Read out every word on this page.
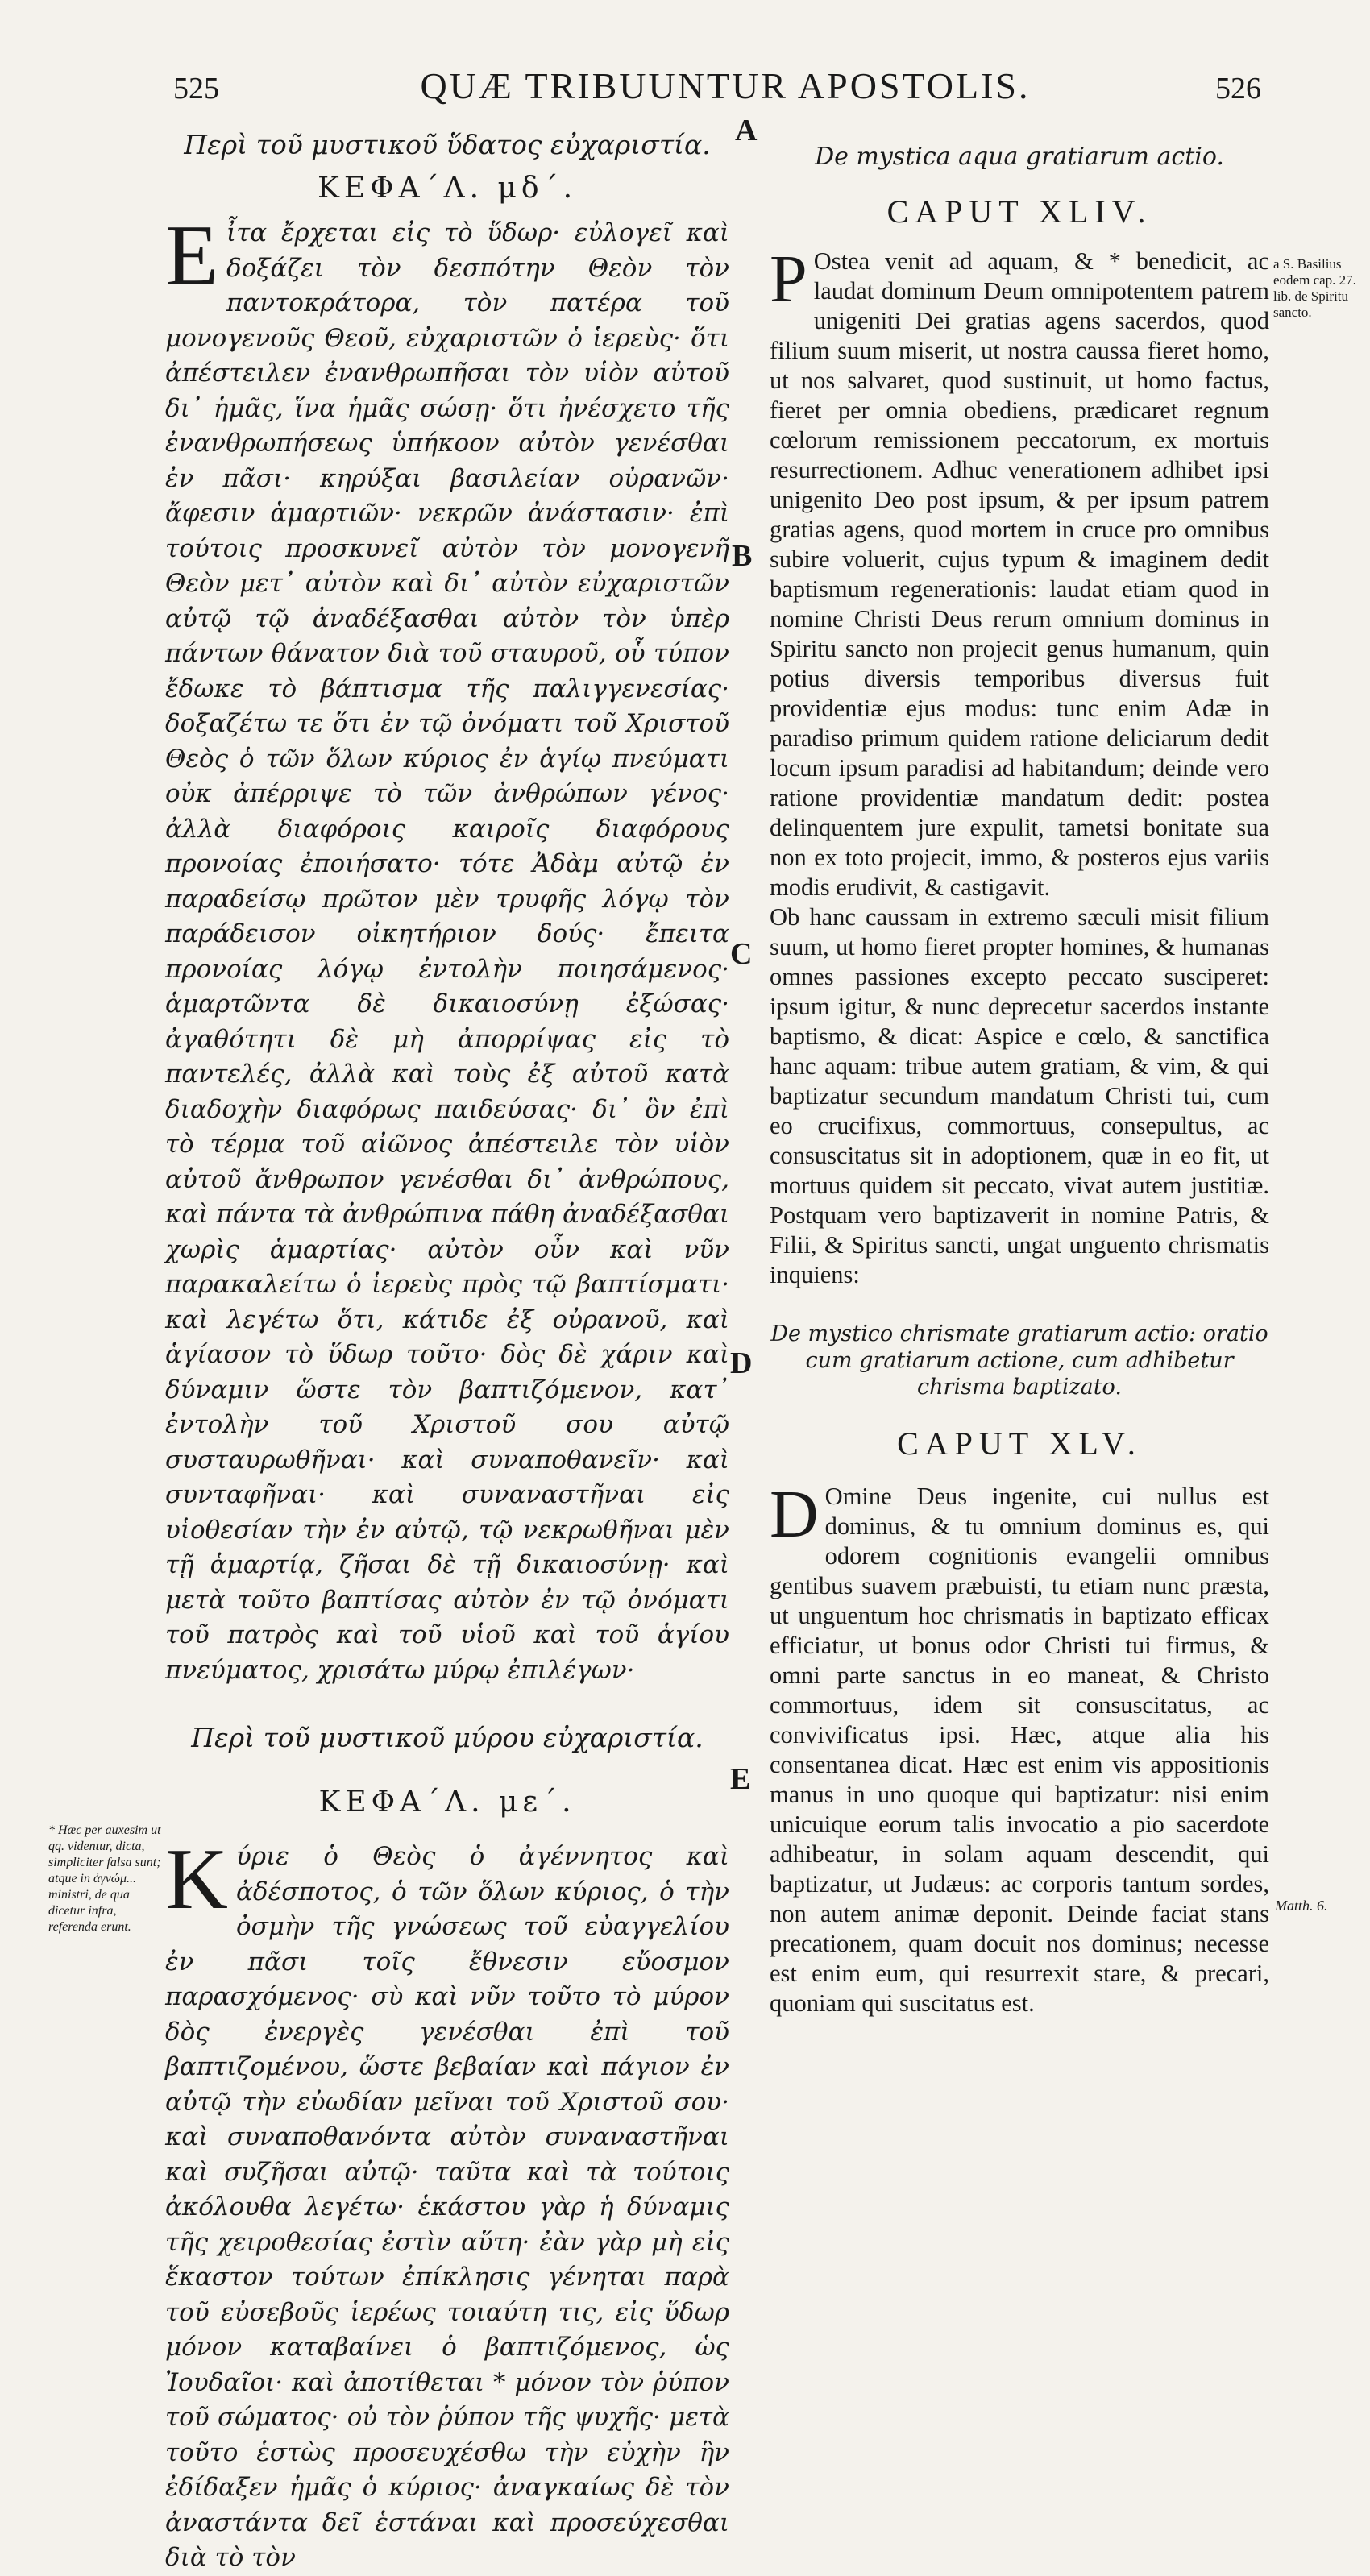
525	QUÆ TRIBUUNTUR APOSTOLIS.	526
A
B
C
D
E
Περὶ τοῦ μυστικοῦ ὕδατος εὐχαριστία.
ΚΕΦΑ΄Λ. μδ΄.
Eἶτα ἔρχεται εἰς τὸ ὕδωρ· εὐλογεῖ καὶ δοξάζει τὸν δεσπότην Θεὸν τὸν παντοκράτορα, τὸν πατέρα τοῦ μονογενοῦς Θεοῦ, εὐχαριστῶν ὁ ἱερεὺς· ὅτι ἀπέστειλεν ἐνανθρωπῆσαι τὸν υἱὸν αὐτοῦ δι᾽ ἡμᾶς, ἵνα ἡμᾶς σώσῃ· ὅτι ἠνέσχετο τῆς ἐνανθρωπήσεως ὑπήκοον αὐτὸν γενέσθαι ἐν πᾶσι· κηρύξαι βασιλείαν οὐρανῶν· ἄφεσιν ἁμαρτιῶν· νεκρῶν ἀνάστασιν· ἐπὶ τούτοις προσκυνεῖ αὐτὸν τὸν μονογενῆ Θεὸν μετ᾽ αὐτὸν καὶ δι᾽ αὐτὸν εὐχαριστῶν αὐτῷ τῷ ἀναδέξασθαι αὐτὸν τὸν ὑπὲρ πάντων θάνατον διὰ τοῦ σταυροῦ, οὗ τύπον ἔδωκε τὸ βάπτισμα τῆς παλιγγενεσίας· δοξαζέτω τε ὅτι ἐν τῷ ὀνόματι τοῦ Χριστοῦ Θεὸς ὁ τῶν ὅλων κύριος ἐν ἁγίῳ πνεύματι οὐκ ἀπέρριψε τὸ τῶν ἀνθρώπων γένος· ἀλλὰ διαφόροις καιροῖς διαφόρους προνοίας ἐποιήσατο· τότε Ἀδὰμ αὐτῷ ἐν παραδείσῳ πρῶτον μὲν τρυφῆς λόγῳ τὸν παράδεισον οἰκητήριον δούς· ἔπειτα προνοίας λόγῳ ἐντολὴν ποιησάμενος· ἁμαρτῶντα δὲ δικαιοσύνῃ ἐξώσας· ἀγαθότητι δὲ μὴ ἀπορρίψας εἰς τὸ παντελές, ἀλλὰ καὶ τοὺς ἐξ αὐτοῦ κατὰ διαδοχὴν διαφόρως παιδεύσας· δι᾽ ὃν ἐπὶ τὸ τέρμα τοῦ αἰῶνος ἀπέστειλε τὸν υἱὸν αὐτοῦ ἄνθρωπον γενέσθαι δι᾽ ἀνθρώπους, καὶ πάντα τὰ ἀνθρώπινα πάθη ἀναδέξασθαι χωρὶς ἁμαρτίας· αὐτὸν οὖν καὶ νῦν παρακαλείτω ὁ ἱερεὺς πρὸς τῷ βαπτίσματι· καὶ λεγέτω ὅτι, κάτιδε ἐξ οὐρανοῦ, καὶ ἁγίασον τὸ ὕδωρ τοῦτο· δὸς δὲ χάριν καὶ δύναμιν ὥστε τὸν βαπτιζόμενον, κατ᾽ ἐντολὴν τοῦ Χριστοῦ σου αὐτῷ συσταυρωθῆναι· καὶ συναποθανεῖν· καὶ συνταφῆναι· καὶ συναναστῆναι εἰς υἱοθεσίαν τὴν ἐν αὐτῷ, τῷ νεκρωθῆναι μὲν τῇ ἁμαρτίᾳ, ζῆσαι δὲ τῇ δικαιοσύνῃ· καὶ μετὰ τοῦτο βαπτίσας αὐτὸν ἐν τῷ ὀνόματι τοῦ πατρὸς καὶ τοῦ υἱοῦ καὶ τοῦ ἁγίου πνεύματος, χρισάτω μύρῳ ἐπιλέγων·
Περὶ τοῦ μυστικοῦ μύρου εὐχαριστία.
ΚΕΦΑ΄Λ. με΄.
Kύριε ὁ Θεὸς ὁ ἀγέννητος καὶ ἀδέσποτος, ὁ τῶν ὅλων κύριος, ὁ τὴν ὀσμὴν τῆς γνώσεως τοῦ εὐαγγελίου ἐν πᾶσι τοῖς ἔθνεσιν εὔοσμον παρασχόμενος· σὺ καὶ νῦν τοῦτο τὸ μύρον δὸς ἐνεργὲς γενέσθαι ἐπὶ τοῦ βαπτιζομένου, ὥστε βεβαίαν καὶ πάγιον ἐν αὐτῷ τὴν εὐωδίαν μεῖναι τοῦ Χριστοῦ σου· καὶ συναποθανόντα αὐτὸν συναναστῆναι καὶ συζῆσαι αὐτῷ· ταῦτα καὶ τὰ τούτοις ἀκόλουθα λεγέτω· ἑκάστου γὰρ ἡ δύναμις τῆς χειροθεσίας ἐστὶν αὕτη· ἐὰν γὰρ μὴ εἰς ἕκαστον τούτων ἐπίκλησις γένηται παρὰ τοῦ εὐσεβοῦς ἱερέως τοιαύτη τις, εἰς ὕδωρ μόνον καταβαίνει ὁ βαπτιζόμενος, ὡς Ἰουδαῖοι· καὶ ἀποτίθεται * μόνον τὸν ῥύπον τοῦ σώματος· οὐ τὸν ῥύπον τῆς ψυχῆς· μετὰ τοῦτο ἑστὼς προσευχέσθω τὴν εὐχὴν ἣν ἐδίδαξεν ἡμᾶς ὁ κύριος· ἀναγκαίως δὲ τὸν ἀναστάντα δεῖ ἑστάναι καὶ προσεύχεσθαι διὰ τὸ τὸν
De mystica aqua gratiarum actio.
CAPUT XLIV.

P Ostea venit ad aquam, & * benedicit, ac laudat dominum Deum omnipotentem patrem unigeniti Dei gratias agens sacerdos, quod filium suum miserit, ut nostra caussa fieret homo, ut nos salvaret, quod sustinuit, ut homo factus, fieret per omnia obediens, prædicaret regnum cœlorum remissionem peccatorum, ex mortuis resurrectionem. Adhuc venerationem adhibet ipsi unigenito Deo post ipsum, & per ipsum patrem gratias agens, quod mortem in cruce pro omnibus subire voluerit, cujus typum & imaginem dedit baptismum regenerationis: laudat etiam quod in nomine Christi Deus rerum omnium dominus in Spiritu sancto non projecit genus humanum, quin potius diversis temporibus diversus fuit providentiæ ejus modus: tunc enim Adæ in paradiso primum quidem ratione deliciarum dedit locum ipsum paradisi ad habitandum; deinde vero ratione providentiæ mandatum dedit: postea delinquentem jure expulit, tametsi bonitate sua non ex toto projecit, immo, & posteros ejus variis modis erudivit, & castigavit.

Ob hanc caussam in extremo sæculi misit filium suum, ut homo fieret propter homines, & humanas omnes passiones excepto peccato susciperet: ipsum igitur, & nunc deprecetur sacerdos instante baptismo, & dicat: Aspice e cœlo, & sanctifica hanc aquam: tribue autem gratiam, & vim, & qui baptizatur secundum mandatum Christi tui, cum eo crucifixus, commortuus, consepultus, ac consuscitatus sit in adoptionem, quæ in eo fit, ut mortuus quidem sit peccato, vivat autem justitiæ. Postquam vero baptizaverit in nomine Patris, & Filii, & Spiritus sancti, ungat unguento chrismatis inquiens:

De mystico chrismate gratiarum actio: oratio cum gratiarum actione, cum adhibetur chrisma baptizato.
CAPUT XLV.
D Omine Deus ingenite, cui nullus est dominus, & tu omnium dominus es, qui odorem cognitionis evangelii omnibus gentibus suavem præbuisti, tu etiam nunc præsta, ut unguentum hoc chrismatis in baptizato efficax efficiatur, ut bonus odor Christi tui firmus, & omni parte sanctus in eo maneat, & Christo commortuus, idem sit consuscitatus, ac convivificatus ipsi. Hæc, atque alia his consentanea dicat. Hæc est enim vis appositionis manus in uno quoque qui baptizatur: nisi enim unicuique eorum talis invocatio a pio sacerdote adhibeatur, in solam aquam descendit, qui baptizatur, ut Judæus: ac corporis tantum sordes, non autem animæ deponit. Deinde faciat stans precationem, quam docuit nos dominus; necesse est enim eum, qui resurrexit stare, & precari, quoniam qui suscitatus est.
a S. Basilius eodem cap. 27. lib. de Spiritu sancto.
* Hæc per auxesim ut qq. videntur, dicta, simpliciter falsa sunt; atque in ἀγνώμ... ministri, de qua dicetur infra, referenda erunt.
Matth. 6.
